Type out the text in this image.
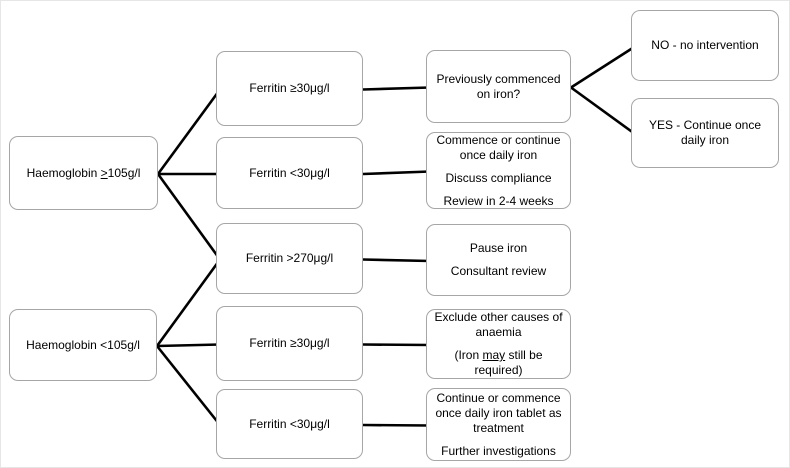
Haemoglobin >105g/l

Haemoglobin <105g/l

Ferritin ≥30μg/l

Ferritin <30μg/l

Ferritin >270μg/l

Ferritin ≥30μg/l

Ferritin <30μg/l

Previously commenced on iron?

Commence or continue once daily iron

Discuss compliance

Review in 2-4 weeks

Pause iron

Consultant review

Exclude other causes of anaemia

(Iron may still be required)

Continue or commence once daily iron tablet as treatment

Further investigations

NO - no intervention

YES - Continue once daily iron
